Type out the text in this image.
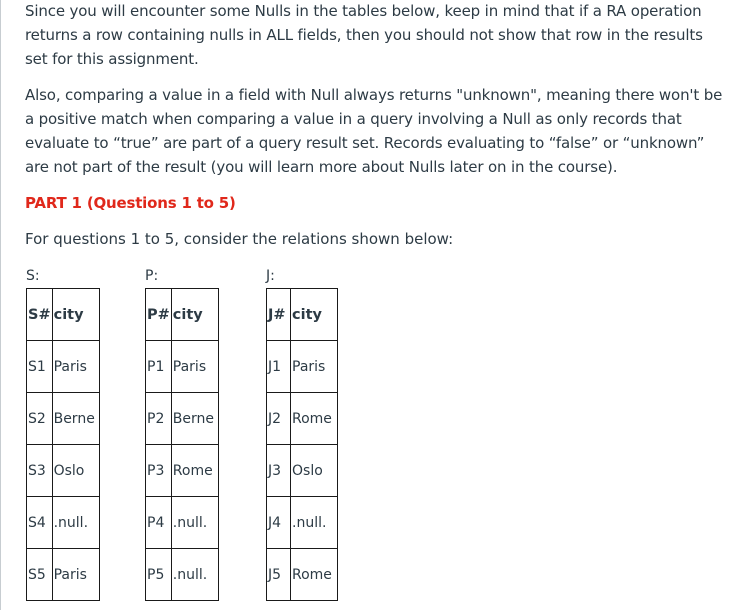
Since you will encounter some Nulls in the tables below, keep in mind that if a RA operation returns a row containing nulls in ALL fields, then you should not show that row in the results set for this assignment.

Also, comparing a value in a field with Null always returns "unknown", meaning there won't be a positive match when comparing a value in a query involving a Null as only records that evaluate to “true” are part of a query result set. Records evaluating to “false” or “unknown” are not part of the result (you will learn more about Nulls later on in the course).

PART 1 (Questions 1 to 5)
For questions 1 to 5, consider the relations shown below:
S:
S#	city
S1	Paris
S2	Berne
S3	Oslo
S4	.null.
S5	Paris
P:
P#	city
P1	Paris
P2	Berne
P3	Rome
P4	.null.
P5	.null.
J:
J#	city
J1	Paris
J2	Rome
J3	Oslo
J4	.null.
J5	Rome
